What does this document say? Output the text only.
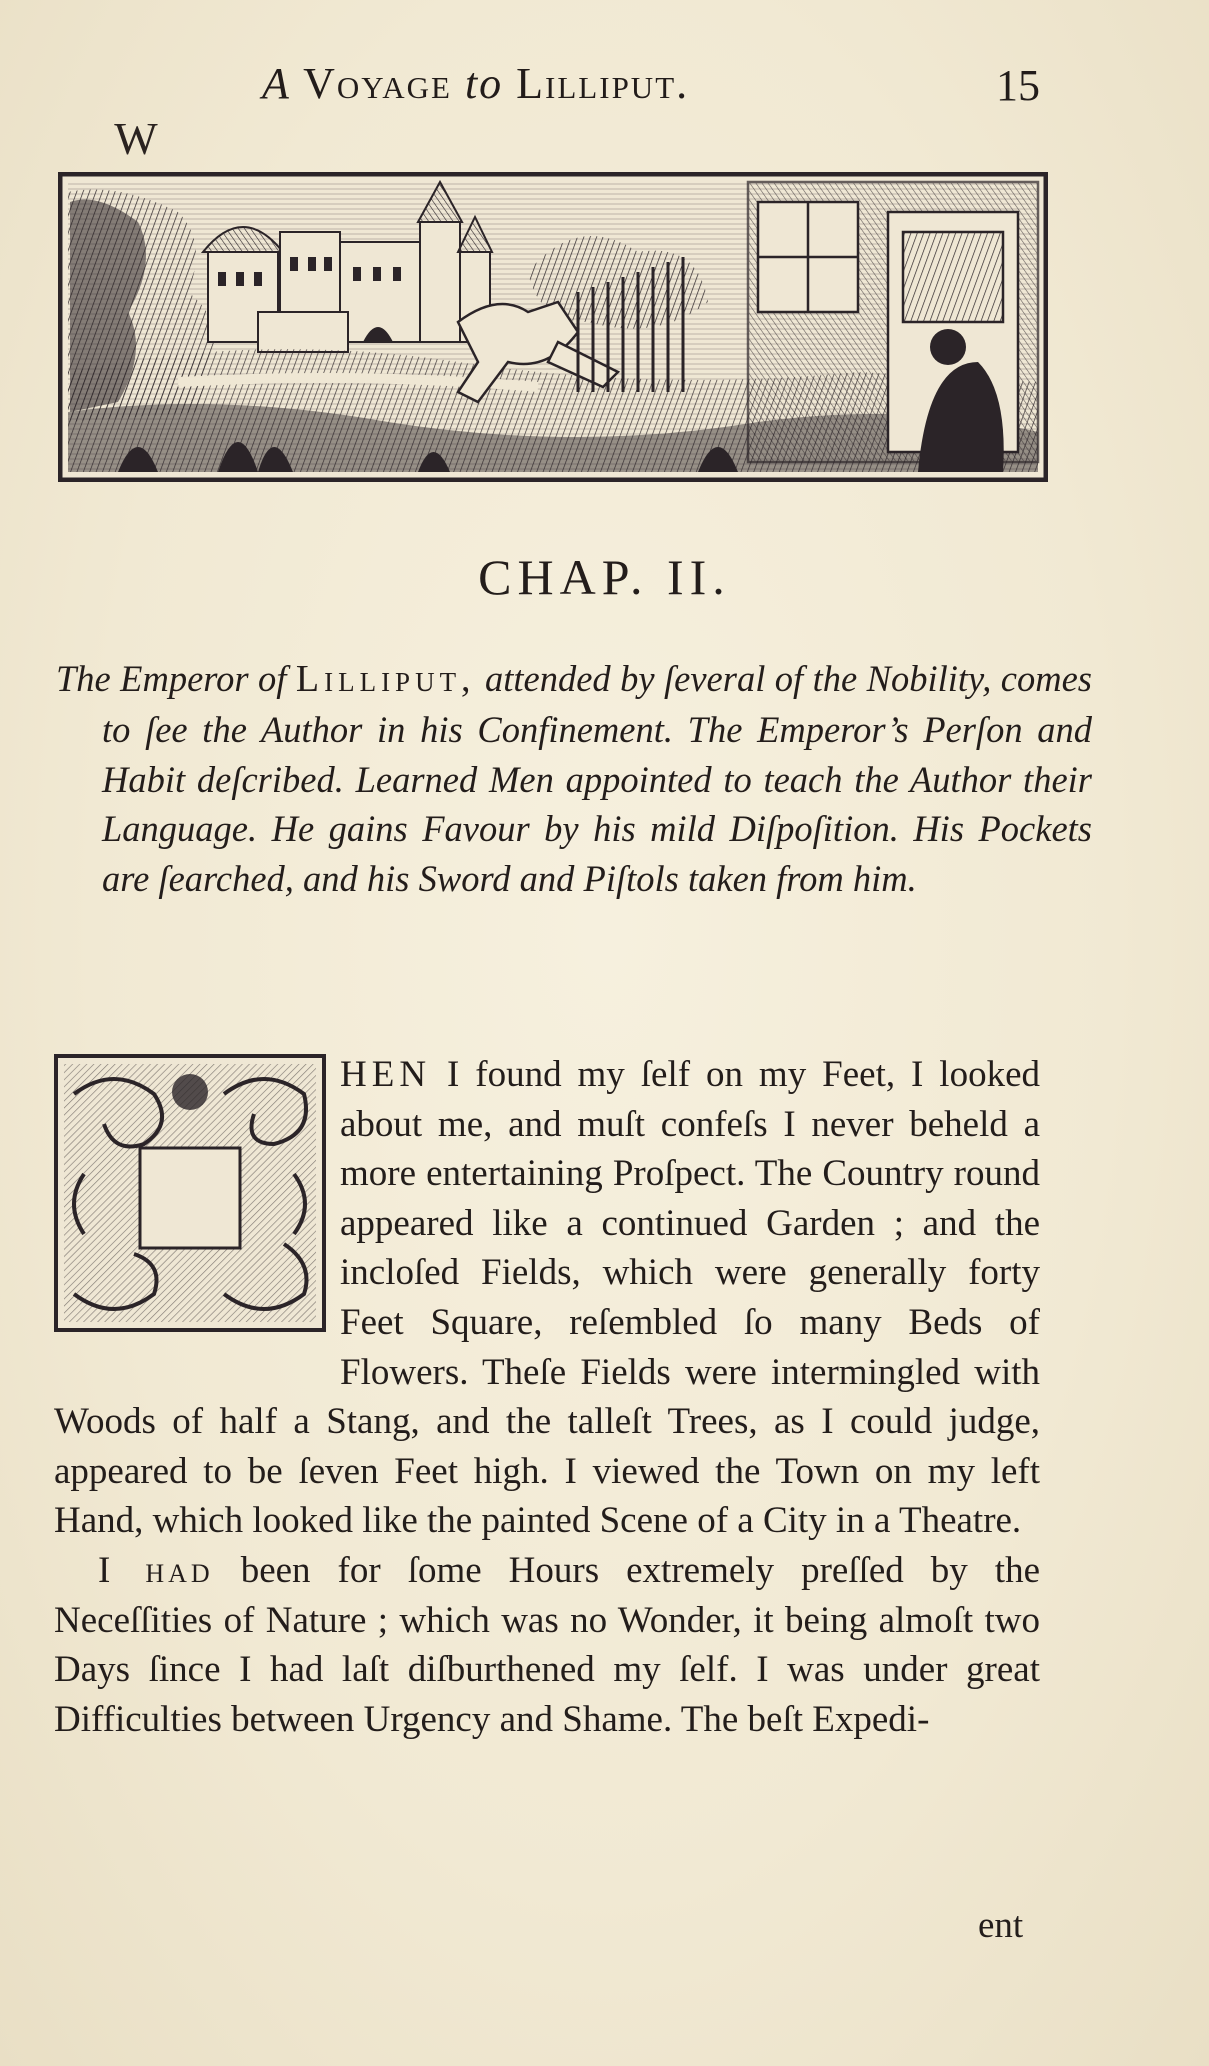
A Voyage to Lilliput.	15
CHAP. II.
The Emperor of Lilliput, attended by ſeveral of the Nobility, comes to ſee the Author in his Confinement. The Emperor’s Perſon and Habit deſcribed. Learned Men appointed to teach the Author their Language. He gains Favour by his mild Diſpoſition. His Pockets are ſearched, and his Sword and Piſtols taken from him.
W

HEN I found my ſelf on my Feet, I looked about me, and muſt confeſs I never beheld a more entertaining Proſpect. The Country round appeared like a continued Garden ; and the incloſed Fields, which were generally forty Feet Square, reſembled ſo many Beds of Flowers. Theſe Fields were intermingled with Woods of half a Stang, and the talleſt Trees, as I could judge, appeared to be ſeven Feet high. I viewed the Town on my left Hand, which looked like the painted Scene of a City in a Theatre.

I had been for ſome Hours extremely preſſed by the Neceſſities of Nature ; which was no Wonder, it being almoſt two Days ſince I had laſt diſburthened my ſelf. I was under great Difficulties between Urgency and Shame. The beſt Expedi-

ent
